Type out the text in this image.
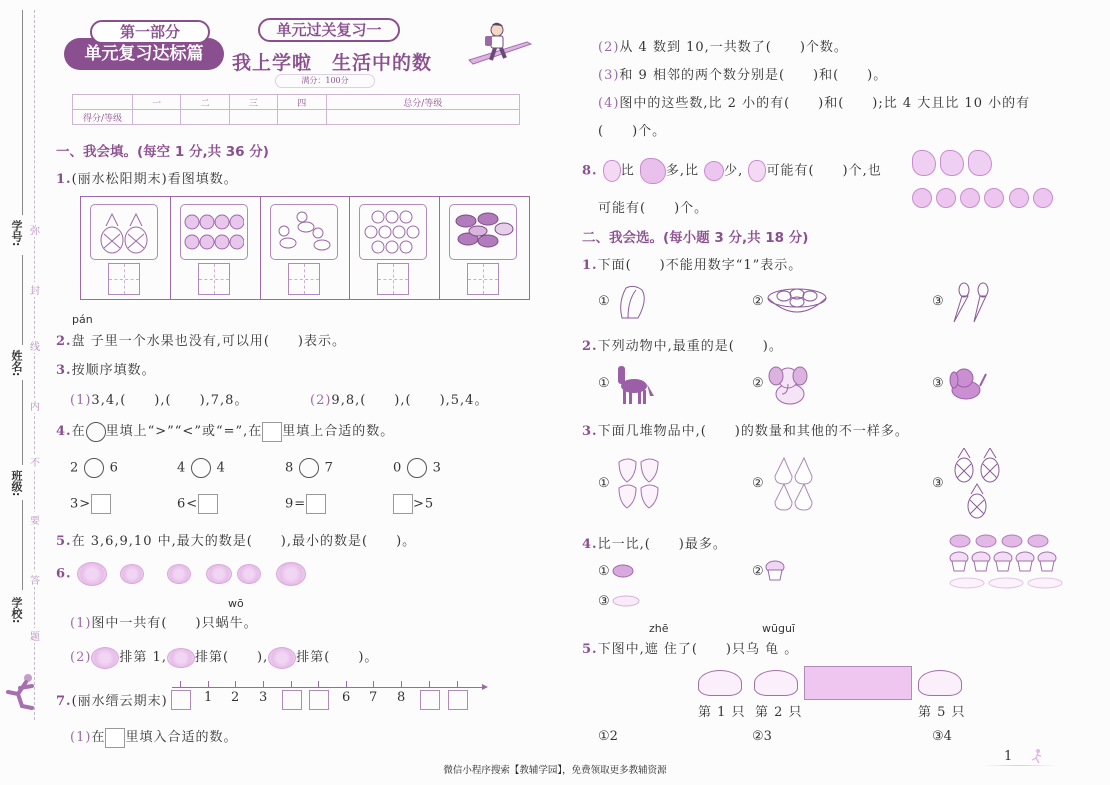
学号:
姓名:
班级:
学校:
弥
封
线
内
不
要
答
题
第一部分
单元复习达标篇
单元过关复习一
我上学啦　生活中的数
满分：100分
	一	二	三	四	总分/等级
得分/等级					
一、我会填。(每空 1 分,共 36 分)
1.(丽水松阳期末)看图填数。
pán
2.盘 子里一个水果也没有,可以用(　　)表示。
3.按顺序填数。
(1)3,4,(　　),(　　),7,8。	(2)9,8,(　　),(　　),5,4。
4.在 里填上“>”“<”或“=”,在 里填上合适的数。
2 6	4 4	8 7	0 3
3>	6<	9=	>5
5.在 3,6,9,10 中,最大的数是(　　),最小的数是(　　)。
6.
wō
(1)图中一共有(　　)只蜗牛。
(2) 排第 1, 排第(　　), 排第(　　)。
7.(丽水缙云期末)	1 2 3	6 7 8
(1)在 里填入合适的数。
(2)从 4 数到 10,一共数了(　　)个数。
(3)和 9 相邻的两个数分别是(　　)和(　　)。
(4)图中的这些数,比 2 小的有(　　)和(　　);比 4 大且比 10 小的有
(　　)个。
8. 比 多,比 少, 可能有(　　)个,也

可能有(　　)个。
二、我会选。(每小题 3 分,共 18 分)
1.下面(　　)不能用数字“1”表示。
①	②	③
2.下列动物中,最重的是(　　)。
①	②	③
3.下面几堆物品中,(　　)的数量和其他的不一样多。
①	②	③
4.比一比,(　　)最多。
①	②
③
zhē	wūguī
5.下图中,遮 住了(　　)只乌 龟 。
第 1 只 第 2 只	第 5 只
①2	②3	③4
1
微信小程序搜索【教辅学园】，免费领取更多教辅资源
